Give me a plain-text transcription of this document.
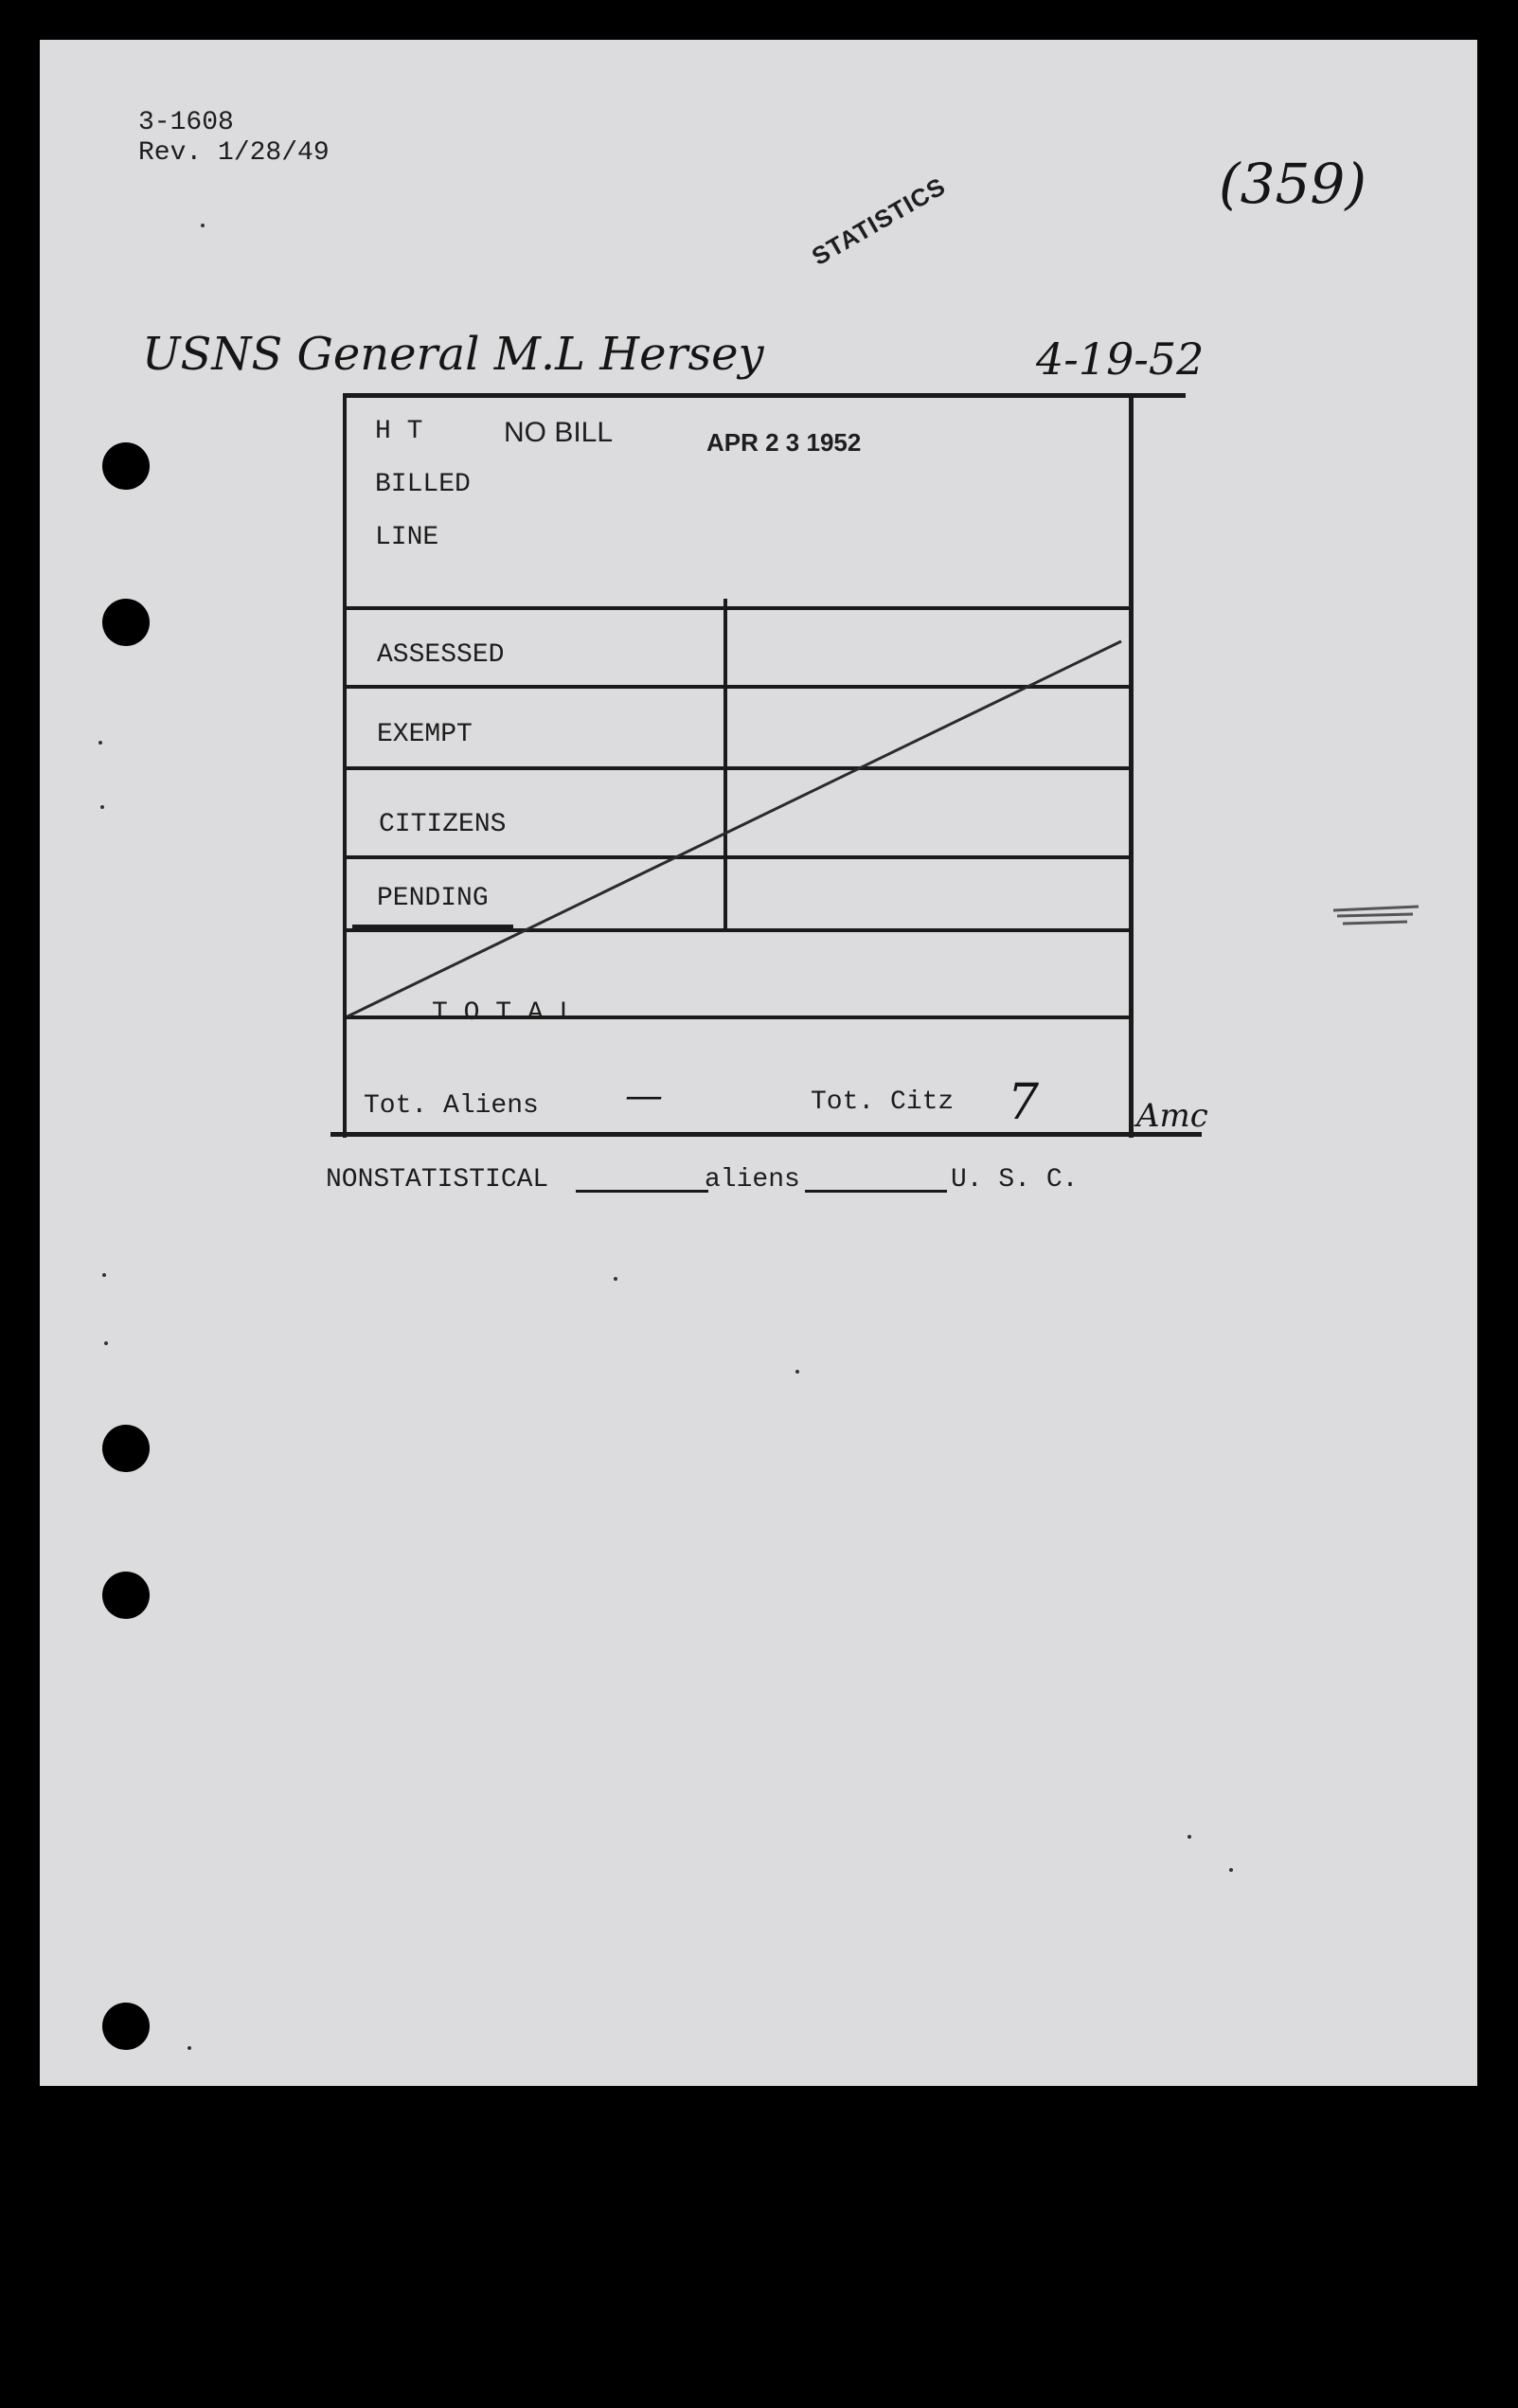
3-1608
Rev. 1/28/49	(359)
STATISTICS
USNS General M.L Hersey	4-19-52
H T
BILLED
LINE
NO BILL	APR 2 3 1952
ASSESSED
EXEMPT
CITIZENS
PENDING
T O T A L
Tot. Aliens —	Tot. Citz 7	Amc
NONSTATISTICAL	aliens	U. S. C.
